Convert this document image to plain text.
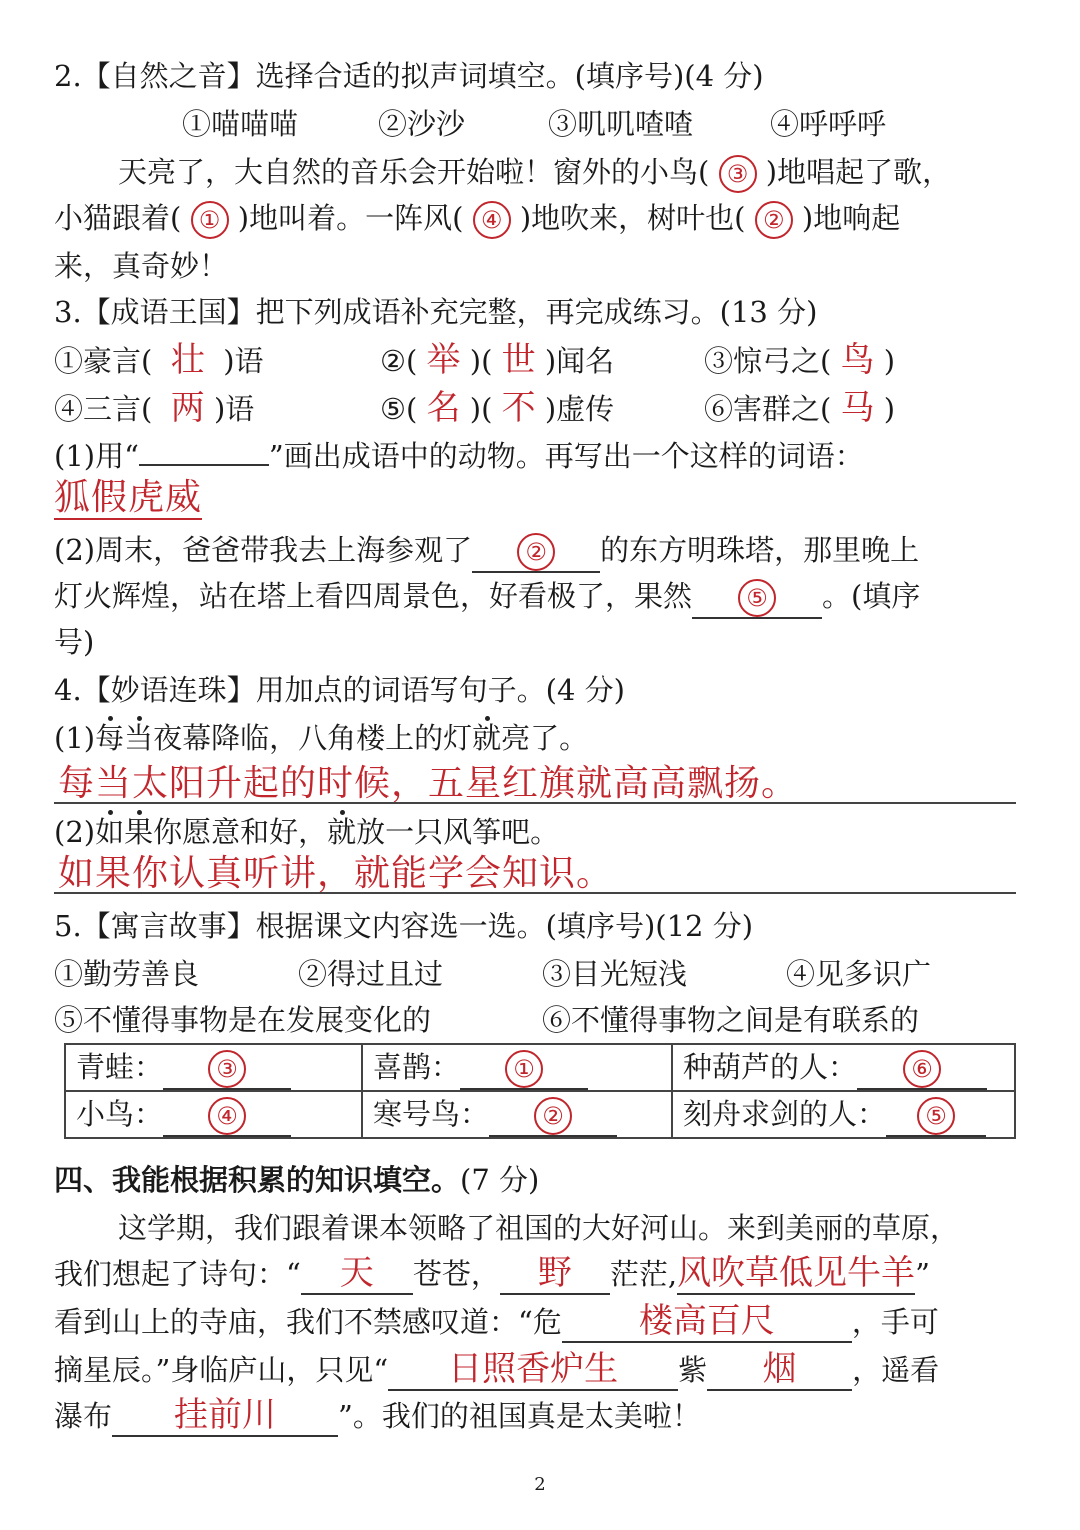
2.【自然之音】选择合适的拟声词填空。(填序号)(4 分)
①喵喵喵	②沙沙	③叽叽喳喳	④呼呼呼
天亮了，大自然的音乐会开始啦！窗外的小鸟( ③ )地唱起了歌，
小猫跟着( ① )地叫着。一阵风( ④ )地吹来，树叶也( ② )地响起
来，真奇妙！
3.【成语王国】把下列成语补充完整，再完成练习。(13 分)
①豪言( 壮 )语	②( 举 )( 世 )闻名	③惊弓之( 鸟 )
④三言( 两 )语	⑤( 名 )( 不 )虚传	⑥害群之( 马 )
(1)用“	”画出成语中的动物。再写出一个这样的词语：
狐假虎威
(2)周末，爸爸带我去上海参观了 ② 的东方明珠塔，那里晚上
灯火辉煌，站在塔上看四周景色，好看极了，果然 ⑤ 。(填序
号)
4.【妙语连珠】用加点的词语写句子。(4 分)
(1)每当夜幕降临，八角楼上的灯就亮了。
每当太阳升起的时候，五星红旗就高高飘扬。
(2)如果你愿意和好，就放一只风筝吧。
如果你认真听讲，就能学会知识。
5.【寓言故事】根据课文内容选一选。(填序号)(12 分)
①勤劳善良	②得过且过	③目光短浅	④见多识广
⑤不懂得事物是在发展变化的	⑥不懂得事物之间是有联系的
青蛙： ③	喜鹊： ①	种葫芦的人： ⑥
小鸟： ④	寒号鸟： ②	刻舟求剑的人： ⑤
四、我能根据积累的知识填空。(7 分)
这学期，我们跟着课本领略了祖国的大好河山。来到美丽的草原，
我们想起了诗句：“ 天 苍苍， 野 茫茫,风吹草低见牛羊”
看到山上的寺庙，我们不禁感叹道：“危 楼高百尺	，手可
摘星辰。”身临庐山，只见“ 日照香炉生 紫 烟 ，遥看
瀑布 挂前川 ”。我们的祖国真是太美啦！
2
